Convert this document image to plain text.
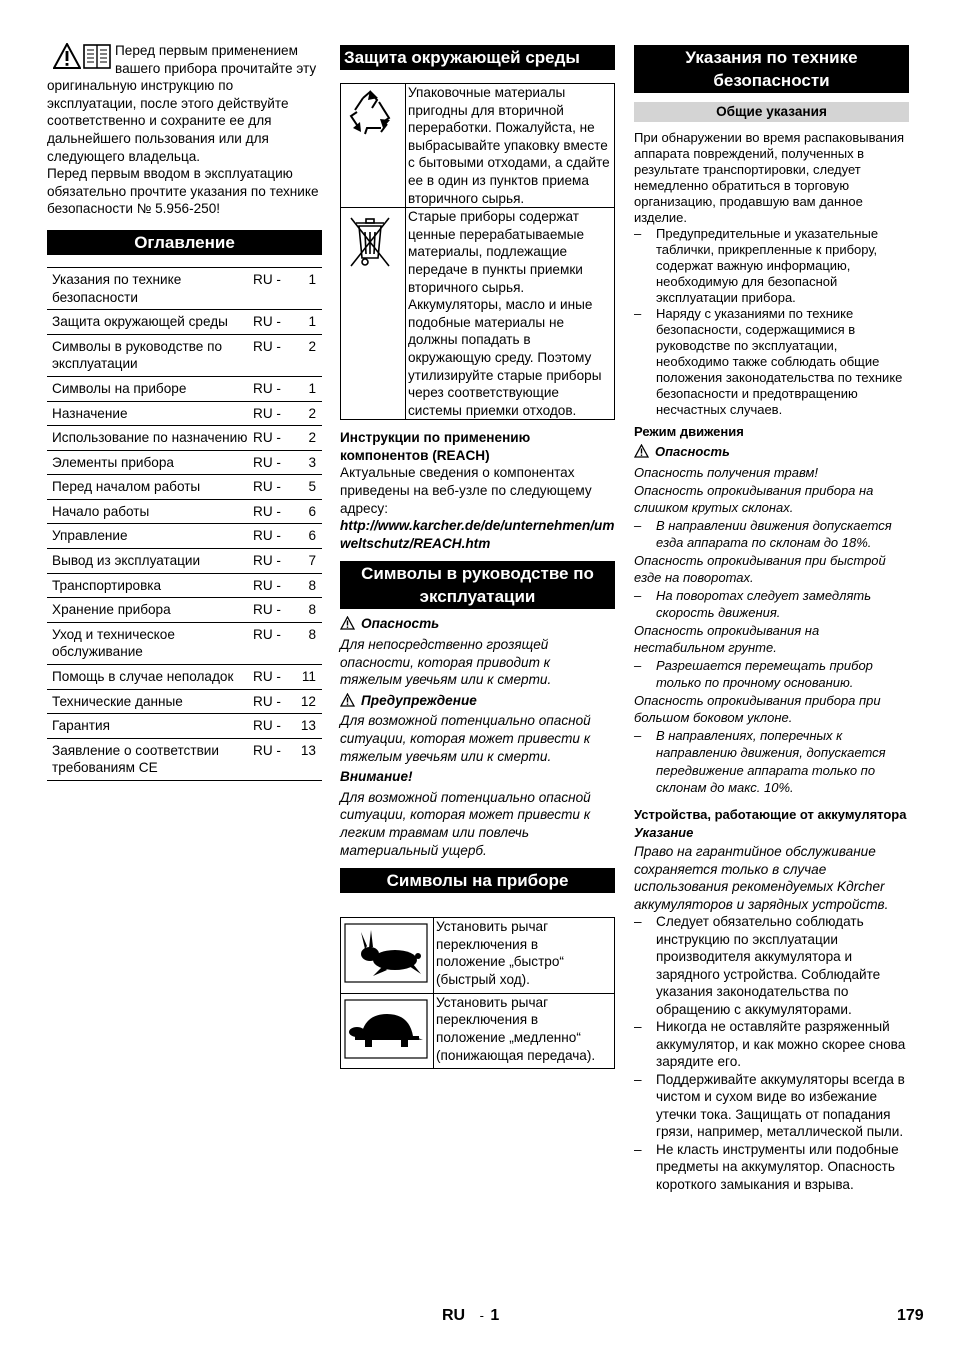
Перед первым применением вашего прибора прочитайте эту оригинальную инструкцию по эксплуатации, после этого действуйте соответственно и сохраните ее для дальнейшего пользования или для следующего владельца.

Перед первым вводом в эксплуатацию обязательно прочтите указания по технике безопасности № 5.956-250!

Оглавление
Указания по технике безопасности	RU -	1
Защита окружающей среды	RU -	1
Символы в руководстве по эксплуатации	RU -	2
Символы на приборе	RU -	1
Назначение	RU -	2
Использование по назначению	RU -	2
Элементы прибора	RU -	3
Перед началом работы	RU -	5
Начало работы	RU -	6
Управление	RU -	6
Вывод из эксплуатации	RU -	7
Транспортировка	RU -	8
Хранение прибора	RU -	8
Уход и техническое обслуживание	RU -	8
Помощь в случае неполадок	RU -	11
Технические данные	RU -	12
Гарантия	RU -	13
Заявление о соответствии требованиям CE	RU -	13
Защита окружающей среды
	Упаковочные материалы пригодны для вторичной переработки. Пожалуйста, не выбрасывайте упаковку вместе с бытовыми отходами, а сдайте ее в один из пунктов приема вторичного сырья.
	Старые приборы содержат ценные перерабатываемые материалы, подлежащие передаче в пункты приемки вторичного сырья. Аккумуляторы, масло и иные подобные материалы не должны попадать в окружающую среду. Поэтому утилизируйте старые приборы через соответствующие системы приемки отходов.

Инструкции по применению компонентов (REACH)

Актуальные сведения о компонентах приведены на веб-узле по следующему адресу:

http://www.karcher.de/de/unternehmen/umweltschutz/REACH.htm

Символы в руководстве по эксплуатации

Опасность

Для непосредственно грозящей опасности, которая приводит к тяжелым увечьям или к смерти.

Предупреждение

Для возможной потенциально опасной ситуации, которая может привести к тяжелым увечьям или к смерти.

Внимание!

Для возможной потенциально опасной ситуации, которая может привести к легким травмам или повлечь материальный ущерб.

Символы на приборе
	Установить рычаг переключения в положение „быстро“ (быстрый ход).
	Установить рычаг переключения в положение „медленно“ (понижающая передача).
Указания по технике безопасности
Общие указания

При обнаружении во время распаковывания аппарата повреждений, полученных в результате транспортировки, следует немедленно обратиться в торговую организацию, продавшую вам данное изделие.

– Предупредительные и указательные таблички, прикрепленные к прибору, содержат важную информацию, необходимую для безопасной эксплуатации прибора.
– Наряду с указаниями по технике безопасности, содержащимися в руководстве по эксплуатации, необходимо также соблюдать общие положения законодательства по технике безопасности и предотвращению несчастных случаев.

Режим движения

Опасность

Опасность получения травм!

Опасность опрокидывания прибора на слишком крутых склонах.

– В направлении движения допускается езда аппарата по склонам до 18%.

Опасность опрокидывания при быстрой езде на поворотах.

– На поворотах следует замедлять скорость движения.

Опасность опрокидывания на нестабильном грунте.

– Разрешается перемещать прибор только по прочному основанию.

Опасность опрокидывания прибора при большом боковом уклоне.

– В направлениях, поперечных к направлению движения, допускается передвижение аппарата только по склонам до макс. 10%.

Устройства, работающие от аккумулятора

Указание

Право на гарантийное обслуживание сохраняется только в случае использования рекомендуемых Kдrcher аккумуляторов и зарядных устройств.

– Следует обязательно соблюдать инструкцию по эксплуатации производителя аккумулятора и зарядного устройства. Соблюдайте указания законодательства по обращению с аккумуляторами.
– Никогда не оставляйте разряженный аккумулятор, и как можно скорее снова зарядите его.
– Поддерживайте аккумуляторы всегда в чистом и сухом виде во избежание утечки тока. Защищать от попадания грязи, например, металлической пыли.
– Не класть инструменты или подобные предметы на аккумулятор. Опасность короткого замыкания и взрыва.
RU - 1	179
